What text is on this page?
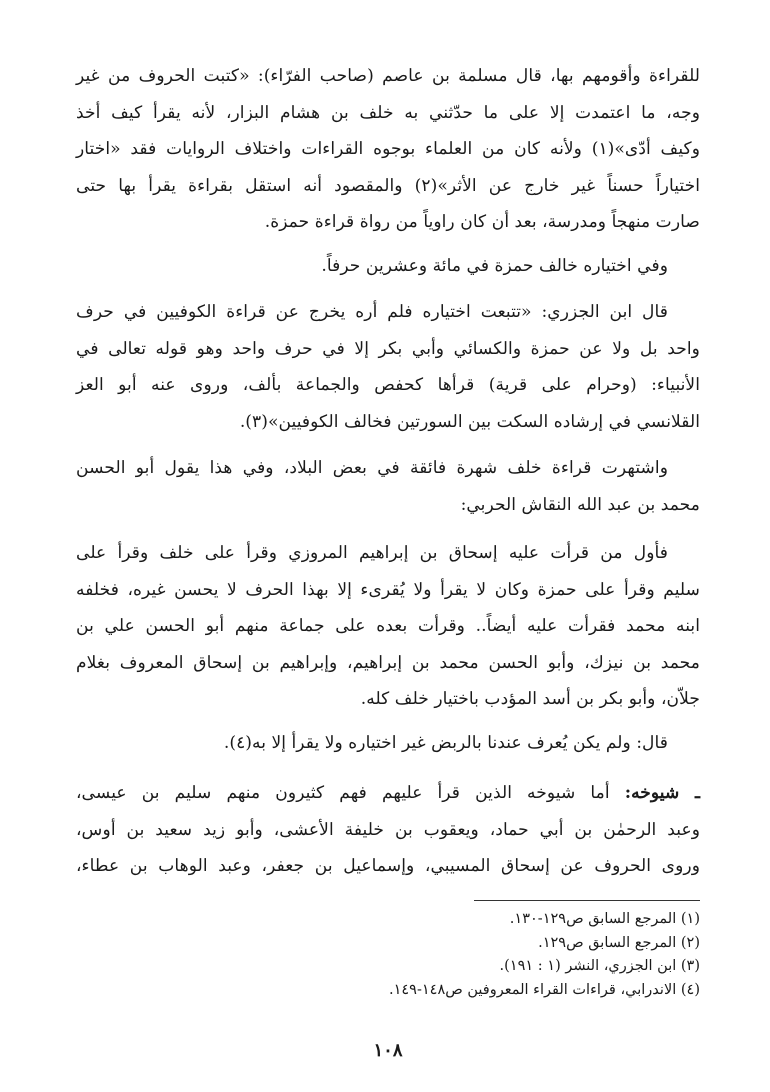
للقراءة وأقومهم بها، قال مسلمة بن عاصم (صاحب الفرّاء): «كتبت الحروف من غير
وجه، ما اعتمدت إلا على ما حدّثني به خلف بن هشام البزار، لأنه يقرأ كيف أخذ
وكيف أدّى»(١) ولأنه كان من العلماء بوجوه القراءات واختلاف الروايات فقد «اختار
اختياراً حسناً غير خارج عن الأثر»(٢) والمقصود أنه استقل بقراءة يقرأ بها حتى
صارت منهجاً ومدرسة، بعد أن كان راوياً من رواة قراءة حمزة.

وفي اختياره خالف حمزة في مائة وعشرين حرفاً.

قال ابن الجزري: «تتبعت اختياره فلم أره يخرج عن قراءة الكوفيين في حرف
واحد بل ولا عن حمزة والكسائي وأبي بكر إلا في حرف واحد وهو قوله تعالى في
الأنبياء: (وحرام على قرية) قرأها كحفص والجماعة بألف، وروى عنه أبو العز
القلانسي في إرشاده السكت بين السورتين فخالف الكوفيين»(٣).

واشتهرت قراءة خلف شهرة فائقة في بعض البلاد، وفي هذا يقول أبو الحسن
محمد بن عبد الله النقاش الحربي:

فأول من قرأت عليه إسحاق بن إبراهيم المروزي وقرأ على خلف وقرأ على
سليم وقرأ على حمزة وكان لا يقرأ ولا يُقرىء إلا بهذا الحرف لا يحسن غيره، فخلفه
ابنه محمد فقرأت عليه أيضاً.. وقرأت بعده على جماعة منهم أبو الحسن علي بن
محمد بن نيزك، وأبو الحسن محمد بن إبراهيم، وإبراهيم بن إسحاق المعروف بغلام
جلاّن، وأبو بكر بن أسد المؤدب باختيار خلف كله.

قال: ولم يكن يُعرف عندنا بالربض غير اختياره ولا يقرأ إلا به(٤).

ـ شيوخه: أما شيوخه الذين قرأ عليهم فهم كثيرون منهم سليم بن عيسى،
وعبد الرحمٰن بن أبي حماد، ويعقوب بن خليفة الأعشى، وأبو زيد سعيد بن أوس،
وروى الحروف عن إسحاق المسيبي، وإسماعيل بن جعفر، وعبد الوهاب بن عطاء،

(١) المرجع السابق ص١٢٩-١٣٠.
(٢) المرجع السابق ص١٢٩.
(٣) ابن الجزري، النشر (١ : ١٩١).
(٤) الاندرابي، قراءات القراء المعروفين ص١٤٨-١٤٩.
١٠٨
